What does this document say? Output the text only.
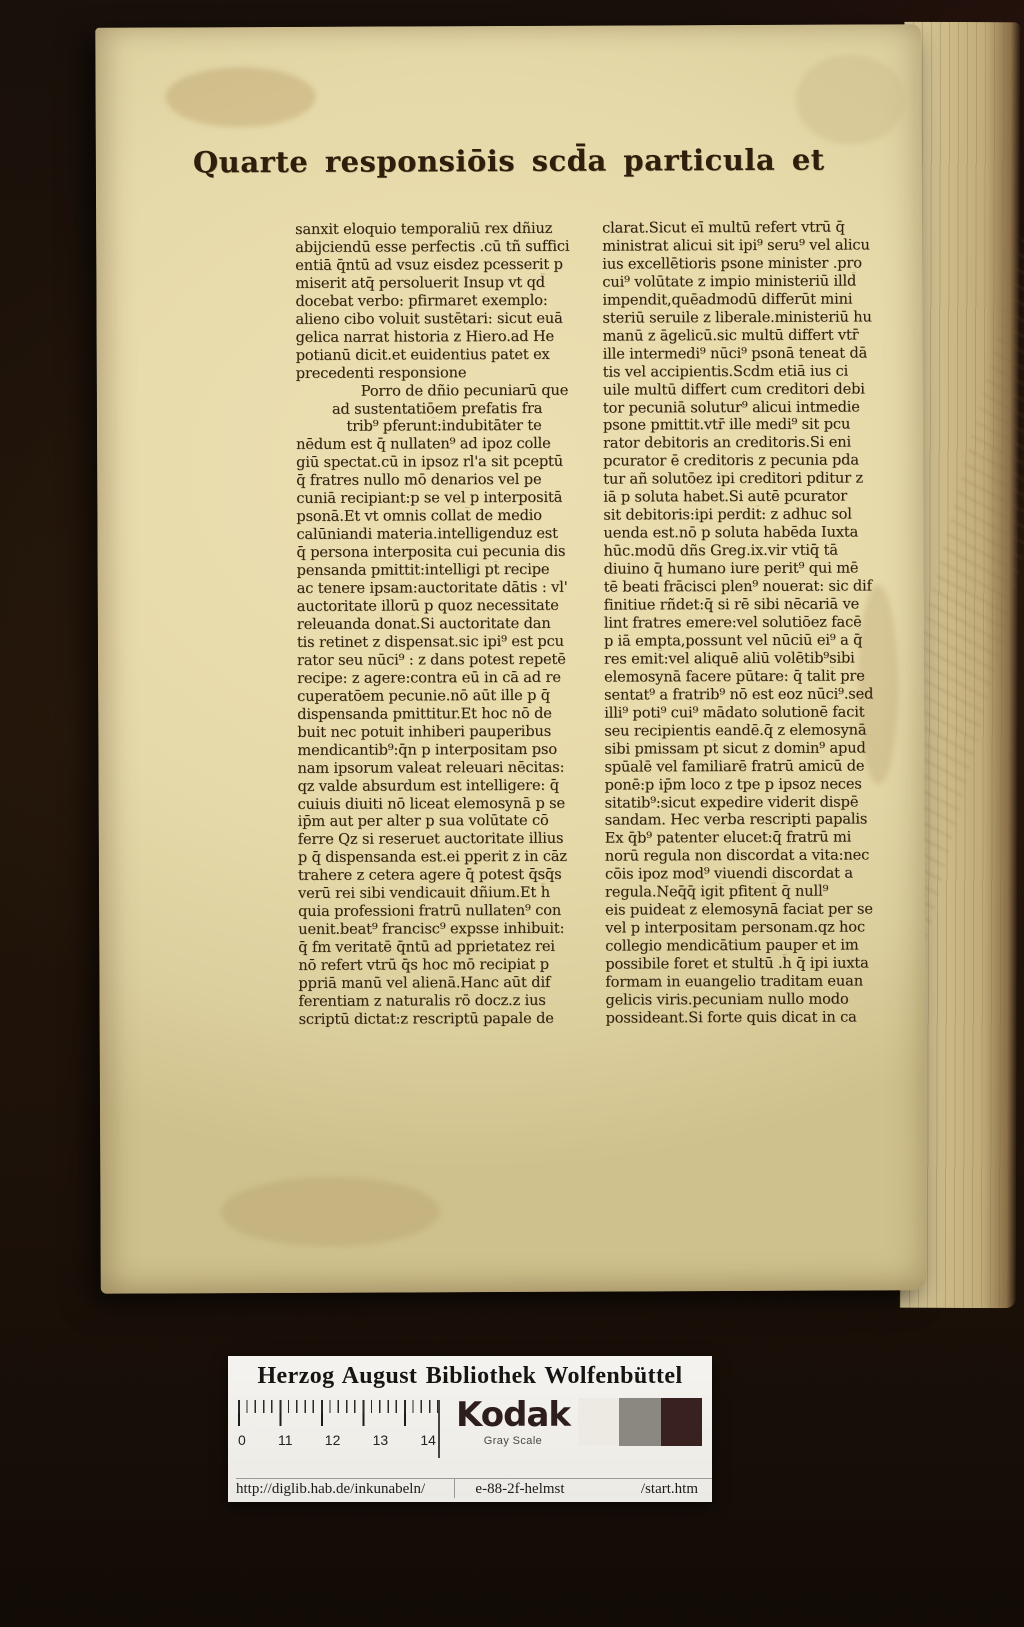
Quarte responsiōis scd̄a particula et
sanxit eloquio temporaliū rex dñiuz
abijciendū esse perfectis .cū tñ suffici
entiā q̄ntū ad vsuz eisdez pcesserit p
miserit atq̄ persoluerit Insup vt qd̄
docebat verbo: pfirmaret exemplo:
alieno cibo voluit sustētari: sicut euā
gelica narrat historia z Hiero.ad He
potianū dicit.et euidentius patet ex
precedenti responsione
     Porro de dñio pecuniarū que
   ad sustentatiōem prefatis fra
    trib⁹ pferunt̄:indubitāter te
nēdum est q̄ nullaten⁹ ad ipoz colle
giū spectat.cū in ipsoz rl'a sit pceptū
q̄ fratres nullo mō denarios vel pe
cuniā recipiant:p se vel p interpositā
psonā.Et vt omnis collat̄ de medio
calūniandi materia.intelligenduz est
q̄ persona interposita cui pecunia dis
pensanda pmittit̄:intelligi pt̄ recipe
ac tenere ipsam:auctoritate dātis : vl'
auctoritate illorū p quoz necessitate
releuanda donat̄.Si auctoritate dan
tis retinet z dispensat.sic ipi⁹ est pcu
rator seu nūci⁹ : z dans potest repetē
recipe: z agere:contra eū in cā ad re
cuperatōem pecunie.nō aūt ille p q̄
dispensanda pmittitur.Et hoc nō de
buit nec potuit inhiberi pauperibus
mendicantib⁹:q̄n p interpositam pso
nam ipsorum valeat releuari nēcitas:
qz valde absurdum est intelligere: q̄
cuiuis diuiti nō liceat elemosynā p se
ip̄m aut per alter p sua volūtate cō
ferre Qz si reseruet auctoritate illius
p q̄ dispensanda est.ei pperit z in cāz
trahere z cetera agere q̄ potest q̄sq̄s
verū rei sibi vendicauit dñium.Et h̄
quia professioni fratrū nullaten⁹ con
uenit.beat⁹ francisc⁹ expsse inhibuit:
q̄ fm veritatē q̄ntū ad pprietatez rei
nō refert vtrū q̄s hoc mō recipiat p
ppriā manū vel alienā.Hanc aūt dif
ferentiam z naturalis rō docz.z ius
scriptū dictat:z rescriptū papale de
clarat.Sicut eī multū refert vtrū q̄
ministrat alicui sit ipi⁹ seru⁹ vel alicu
ius excellētioris psone minister .pro
cui⁹ volūtate z impio ministeriū illd̄
impendit,quēadmodū differūt mini
steriū seruile z liberale.ministeriū hu
manū z āgelicū.sic multū differt vtr̄
ille intermedi⁹ nūci⁹ psonā teneat dā
tis vel accipientis.Scd̄m etiā ius ci
uile multū differt cum creditori debi
tor pecuniā solutur⁹ alicui intmedie
psone pmittit.vtr̄ ille medi⁹ sit pcu
rator debitoris an creditoris.Si eni
pcurator ē creditoris z pecunia pda
tur añ solutōez ipi creditori pditur z
iā p soluta habet̄.Si autē pcurator
sit debitoris:ipi perdit̄: z adhuc sol
uenda est.nō p soluta habēda Iuxta
hūc.modū dñs Greg.ix.vir vtiq̄ tā
diuino q̄ humano iure perit⁹ qui mē
tē beati frācisci plen⁹ nouerat: sic dif
finitiue rñdet:q̄ si rē sibi nēcariā ve
lint fratres emere:vel solutiōez facē
p iā empta,possunt vel nūciū ei⁹ a q̄
res emit̄:vel aliquē aliū volētib⁹sibi
elemosynā facere pūtare: q̄ talit̄ pre
sentat⁹ a fratrib⁹ nō est eoz nūci⁹.sed
illi⁹ poti⁹ cui⁹ mādato solutionē facit
seu recipientis eandē.q̄ z elemosynā
sibi pmissam pt̄ sicut z domin⁹ apud
spūalē vel familiarē fratrū amicū de
ponē:p ip̄m loco z tpe p ipsoz neces
sitatib⁹:sicut expedire viderit dispē
sandam. Hec verba rescripti papalis
Ex q̄b⁹ patenter elucet:q̄ fratrū mi
norū regula non discordat a vita:nec
cōis ipoz mod⁹ viuendi discordat a
regula.Neq̄q̄ igit̄ pfitent̄ q̄ null⁹
eis puideat z elemosynā faciat per se
vel p interpositam personam.qz hoc
collegio mendicātium pauper et im
possibile foret et stultū .h̄ q̄ ipi iuxta
formam in euangelio traditam euan
gelicis viris.pecuniam nullo modo
possideant.Si forte quis dicat in ca
Herzog August Bibliothek Wolfenbüttel
0 11 12 13 14
Kodak
Gray Scale
http://diglib.hab.de/inkunabeln/	e-88-2f-helmst	/start.htm
